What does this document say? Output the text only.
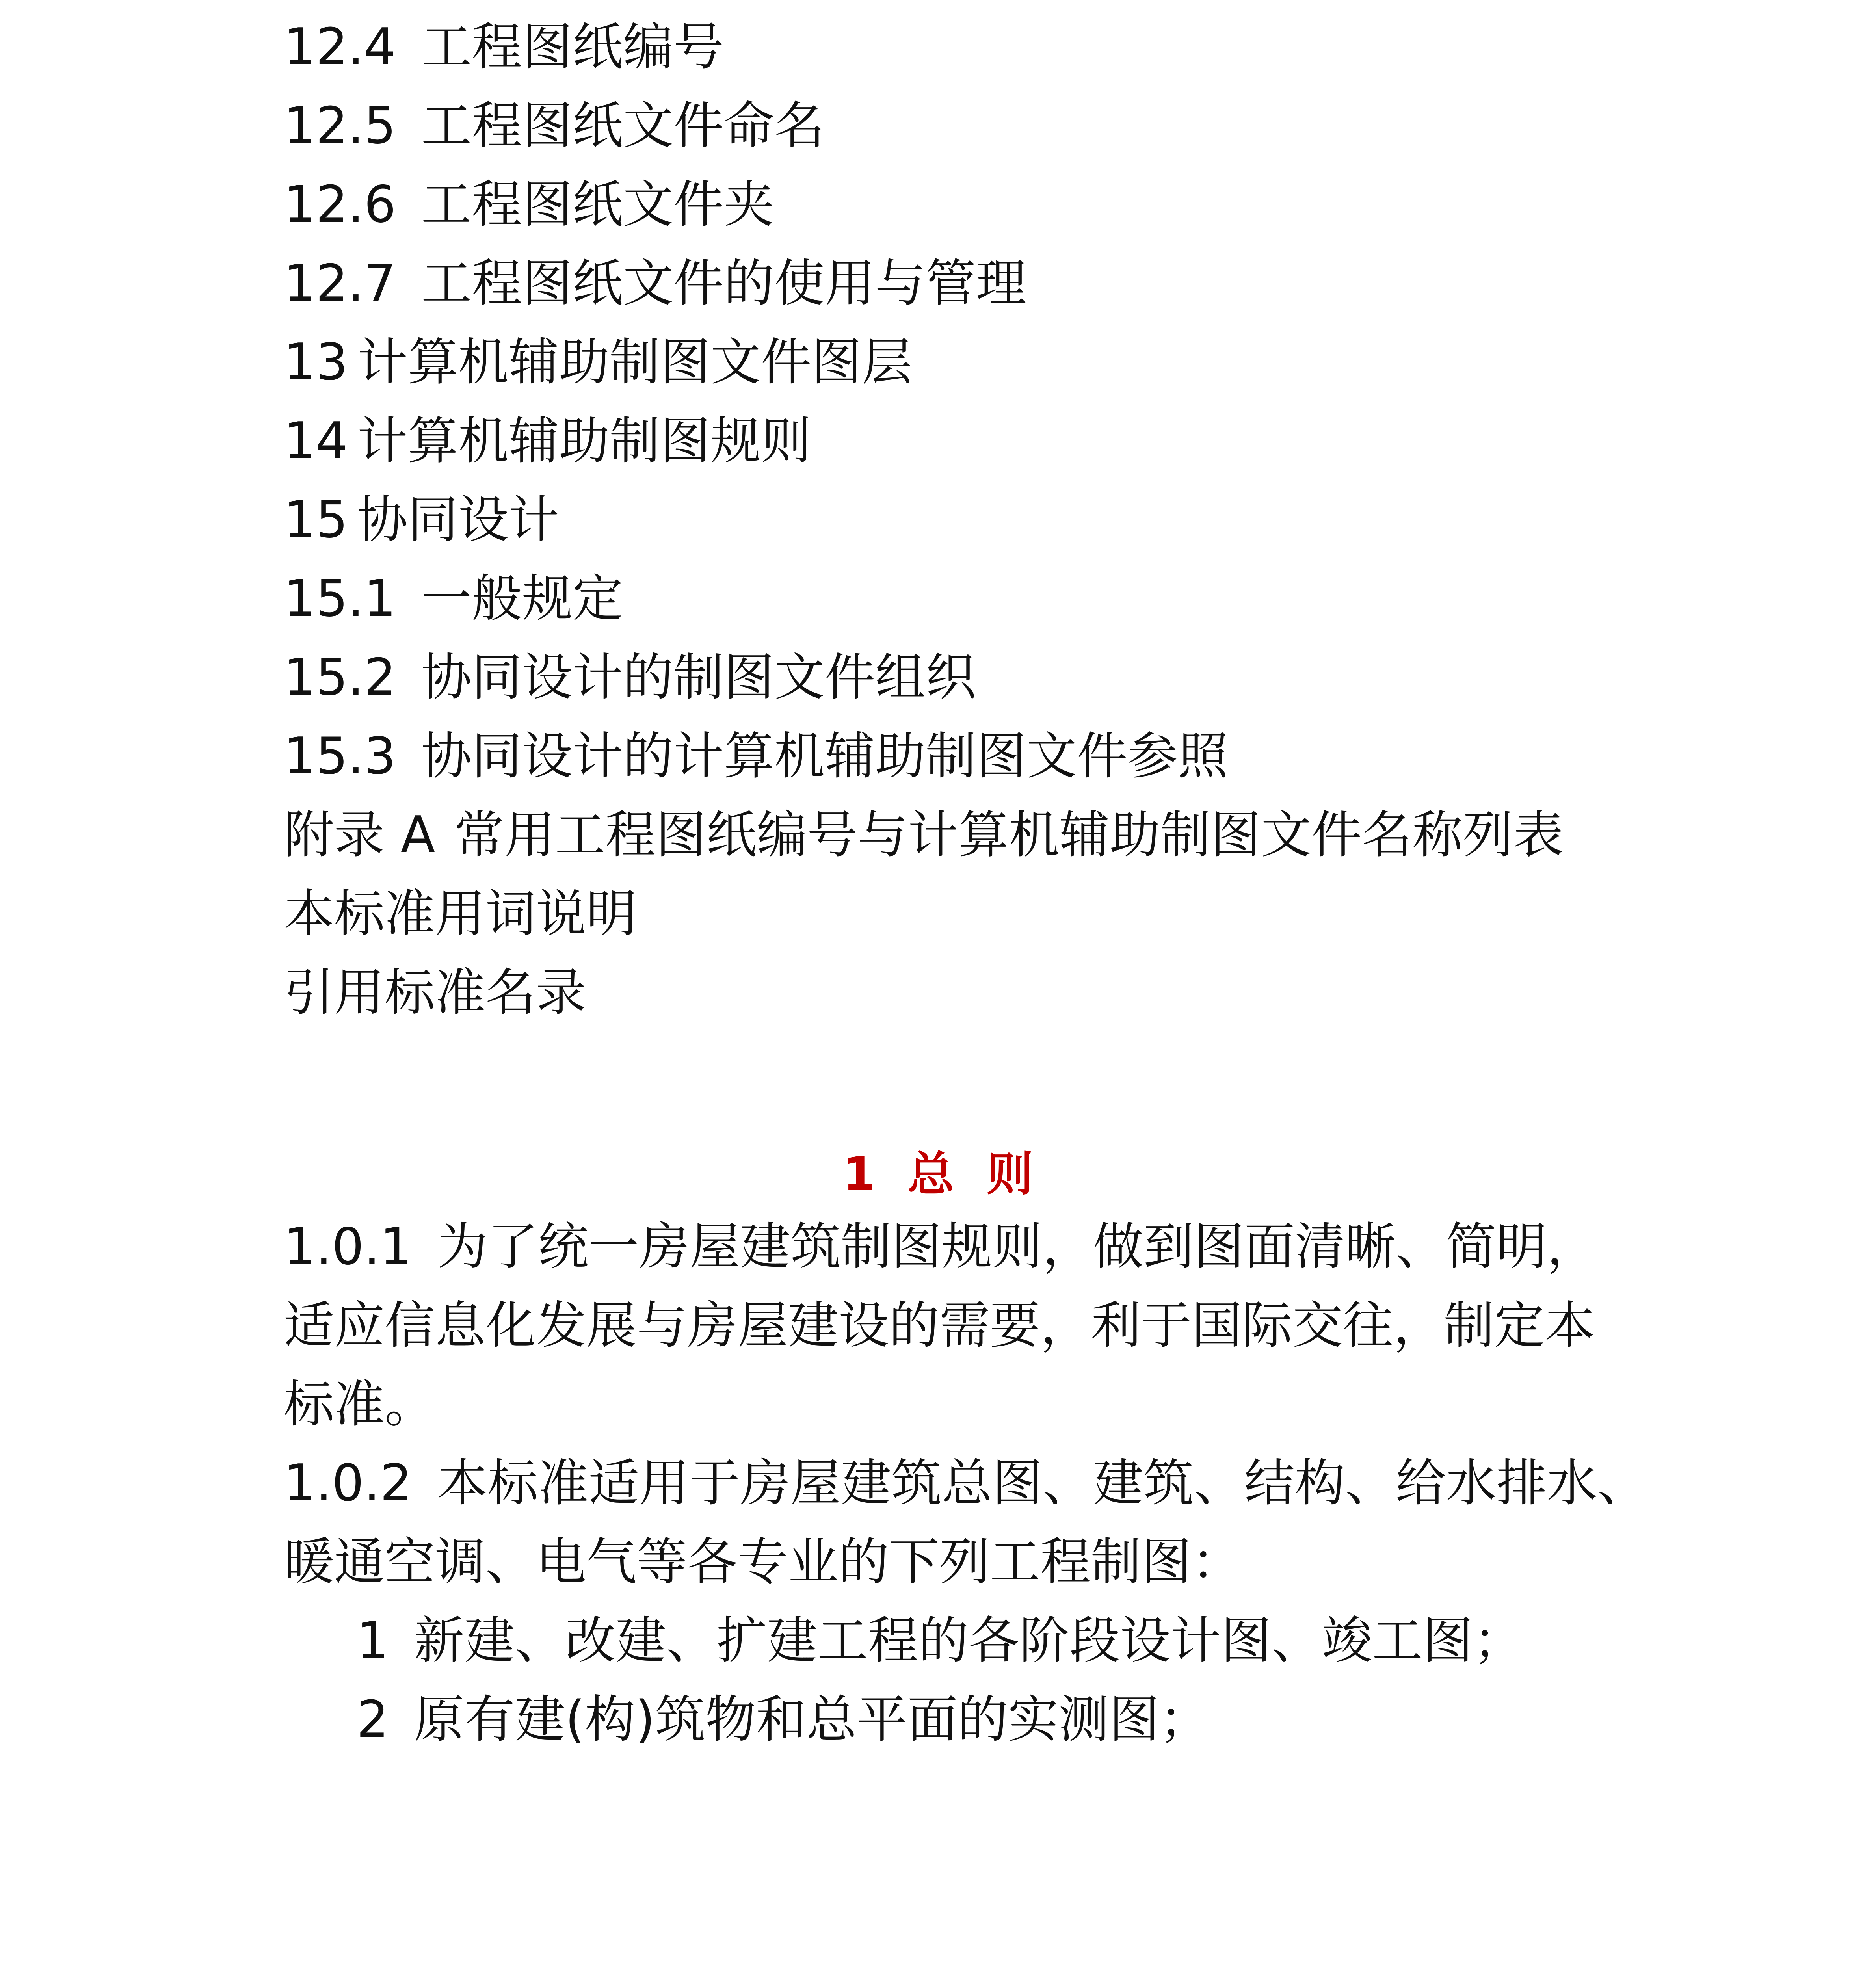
12.4 工程图纸编号
12.5 工程图纸文件命名
12.6 工程图纸文件夹
12.7 工程图纸文件的使用与管理
13 计算机辅助制图文件图层
14 计算机辅助制图规则
15 协同设计
15.1 一般规定
15.2 协同设计的制图文件组织
15.3 协同设计的计算机辅助制图文件参照
附录 A 常用工程图纸编号与计算机辅助制图文件名称列表
本标准用词说明
引用标准名录
1  总  则
1.0.1 为了统一房屋建筑制图规则，做到图面清晰、简明，
适应信息化发展与房屋建设的需要，利于国际交往，制定本
标准。
1.0.2 本标准适用于房屋建筑总图、建筑、结构、给水排水、
暖通空调、电气等各专业的下列工程制图：
1 新建、改建、扩建工程的各阶段设计图、竣工图；
2 原有建(构)筑物和总平面的实测图；
